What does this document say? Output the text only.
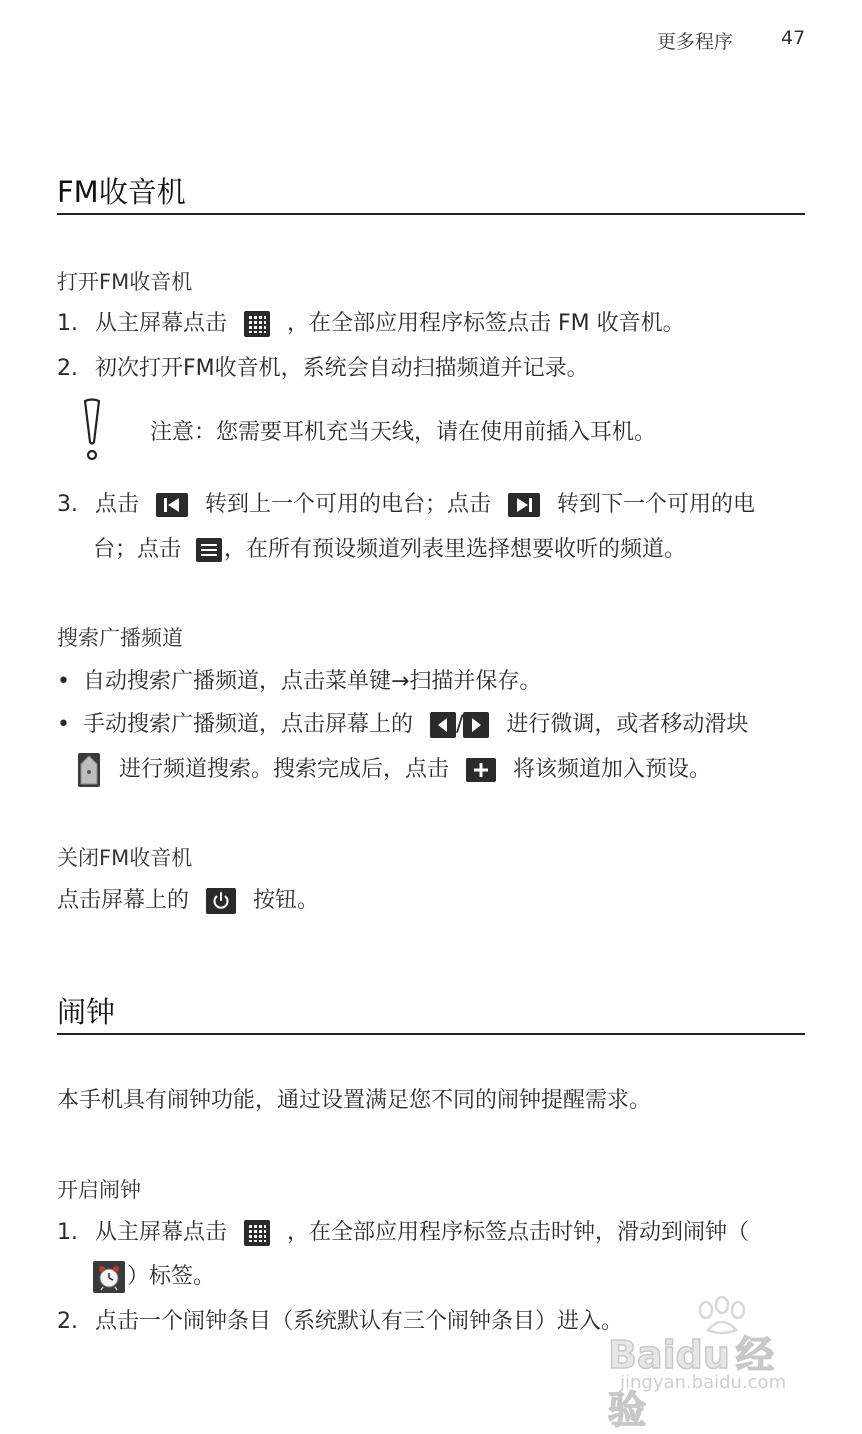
更多程序	47
FM收音机
打开FM收音机
1. 从主屏幕点击	，在全部应用程序标签点击 FM 收音机。
2. 初次打开FM收音机，系统会自动扫描频道并记录。
注意：您需要耳机充当天线，请在使用前插入耳机。
3. 点击	转到上一个可用的电台；点击	转到下一个可用的电
台；点击 ，在所有预设频道列表里选择想要收听的频道。
搜索广播频道
• 自动搜索广播频道，点击菜单键→扫描并保存。
• 手动搜索广播频道，点击屏幕上的 / 进行微调，或者移动滑块
进行频道搜索。搜索完成后，点击	将该频道加入预设。
关闭FM收音机
点击屏幕上的	按钮。
闹钟
本手机具有闹钟功能，通过设置满足您不同的闹钟提醒需求。
开启闹钟
1. 从主屏幕点击	，在全部应用程序标签点击时钟，滑动到闹钟（
）标签。
2. 点击一个闹钟条目（系统默认有三个闹钟条目）进入。
Baidu 经验
jingyan.baidu.com
